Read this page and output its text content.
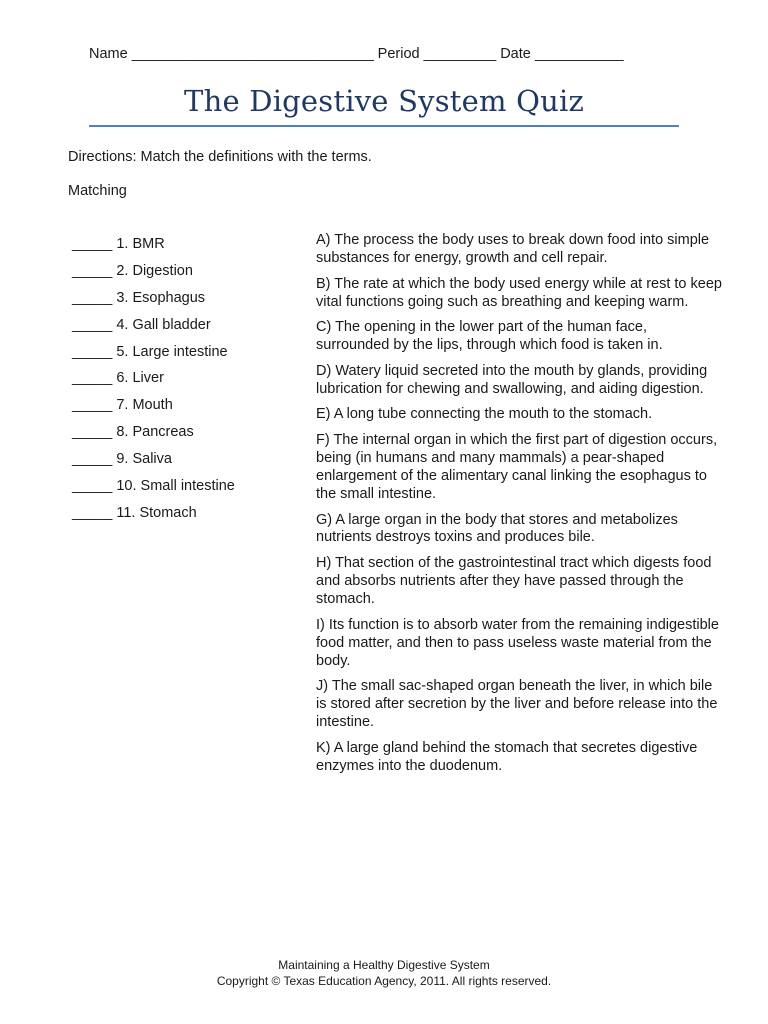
Name ______________________________ Period _________ Date ___________
The Digestive System Quiz
Directions: Match the definitions with the terms.
Matching
_____ 1. BMR
_____ 2. Digestion
_____ 3. Esophagus
_____ 4. Gall bladder
_____ 5. Large intestine
_____ 6. Liver
_____ 7. Mouth
_____ 8. Pancreas
_____ 9. Saliva
_____ 10. Small intestine
_____ 11. Stomach

A) The process the body uses to break down food into simple substances for energy, growth and cell repair.

B) The rate at which the body used energy while at rest to keep vital functions going such as breathing and keeping warm.

C) The opening in the lower part of the human face, surrounded by the lips, through which food is taken in.

D) Watery liquid secreted into the mouth by glands, providing lubrication for chewing and swallowing, and aiding digestion.

E) A long tube connecting the mouth to the stomach.

F) The internal organ in which the first part of digestion occurs, being (in humans and many mammals) a pear-shaped enlargement of the alimentary canal linking the esophagus to the small intestine.

G) A large organ in the body that stores and metabolizes nutrients destroys toxins and produces bile.

H) That section of the gastrointestinal tract which digests food and absorbs nutrients after they have passed through the stomach.

I) Its function is to absorb water from the remaining indigestible food matter, and then to pass useless waste material from the body.

J) The small sac-shaped organ beneath the liver, in which bile is stored after secretion by the liver and before release into the intestine.

K) A large gland behind the stomach that secretes digestive enzymes into the duodenum.

Maintaining a Healthy Digestive System
Copyright © Texas Education Agency, 2011. All rights reserved.
